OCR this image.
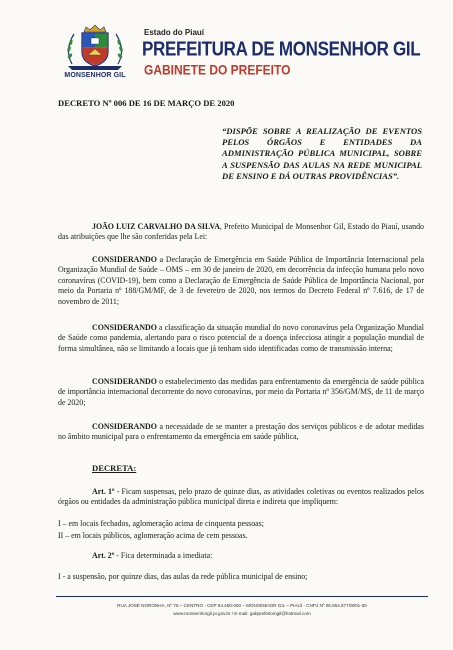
PREFEITURA DE
MONSENHOR GIL
Estado do Piauí
PREFEITURA DE MONSENHOR GIL
GABINETE DO PREFEITO
DECRETO Nº 006 DE 16 DE MARÇO DE 2020
“DISPÕE SOBRE A REALIZAÇÃO DE EVENTOS PELOS ÓRGÃOS E ENTIDADES DA ADMINISTRAÇÃO PÚBLICA MUNICIPAL, SOBRE A SUSPENSÃO DAS AULAS NA REDE MUNICIPAL DE ENSINO E DÁ OUTRAS PROVIDÊNCIAS”.
JOÃO LUIZ CARVALHO DA SILVA, Prefeito Municipal de Monsenhor Gil, Estado do Piauí, usando das atribuições que lhe são conferidas pela Lei:
CONSIDERANDO a Declaração de Emergência em Saúde Pública de Importância Internacional pela Organização Mundial de Saúde – OMS – em 30 de janeiro de 2020, em decorrência da infecção humana pelo novo coronavírus (COVID-19), bem como a Declaração de Emergência de Saúde Pública de Importância Nacional, por meio da Portaria nº 188/GM/MF, de 3 de fevereiro de 2020, nos termos do Decreto Federal nº 7.616, de 17 de novembro de 2011;
CONSIDERANDO a classificação da situação mundial do novo coronavírus pela Organização Mundial de Saúde como pandemia, alertando para o risco potencial de a doença infecciosa atingir a população mundial de forma simultânea, não se limitando a locais que já tenham sido identificadas como de transmissão interna;
CONSIDERANDO o estabelecimento das medidas para enfrentamento da emergência de saúde pública de importância internacional decorrente do novo coronavírus, por meio da Portaria nº 356/GM/MS, de 11 de março de 2020;
CONSIDERANDO a necessidade de se manter a prestação dos serviços públicos e de adotar medidas no âmbito municipal para o enfrentamento da emergência em saúde pública,
DECRETA:
Art. 1º - Ficam suspensas, pelo prazo de quinze dias, as atividades coletivas ou eventos realizados pelos órgãos ou entidades da administração pública municipal direta e indireta que impliquem:
I – em locais fechados, aglomeração acima de cinquenta pessoas;
II – em locais públicos, aglomeração acima de cem pessoas.
Art. 2º - Fica determinada a imediata:
I - a suspensão, por quinze dias, das aulas da rede pública municipal de ensino;
RUA JOSÉ NORONHA, Nº 75 – CENTRO - CEP 64.450-000 – MONSENHOR GIL – PIAUÍ - CNPJ Nº 06.554.877/0001-00
www.monsenhorgil.pi.gov.br / E-mail: gabprefeitomgil@hotmail.com
